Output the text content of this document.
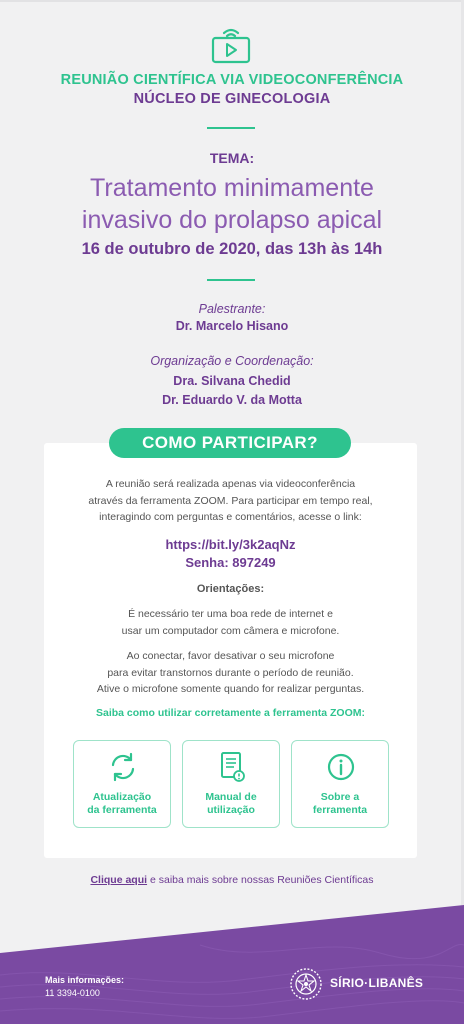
REUNIÃO CIENTÍFICA VIA VIDEOCONFERÊNCIA

NÚCLEO DE GINECOLOGIA

TEMA:

Tratamento minimamente
invasivo do prolapso apical

16 de outubro de 2020, das 13h às 14h

Palestrante:

Dr. Marcelo Hisano

Organização e Coordenação:

Dra. Silvana Chedid

Dr. Eduardo V. da Motta

COMO PARTICIPAR?
A reunião será realizada apenas via videoconferência
através da ferramenta ZOOM. Para participar em tempo real,
interagindo com perguntas e comentários, acesse o link:

https://bit.ly/3k2aqNz

Senha: 897249

Orientações:

É necessário ter uma boa rede de internet e
usar um computador com câmera e microfone.
Ao conectar, favor desativar o seu microfone
para evitar transtornos durante o período de reunião.
Ative o microfone somente quando for realizar perguntas.

Saiba como utilizar corretamente a ferramenta ZOOM:

Atualização
da ferramenta
Manual de
utilização
Sobre a
ferramenta
Clique aqui e saiba mais sobre nossas Reuniões Científicas
Mais informações:
11 3394-0100
SÍRIO·LIBANÊS
